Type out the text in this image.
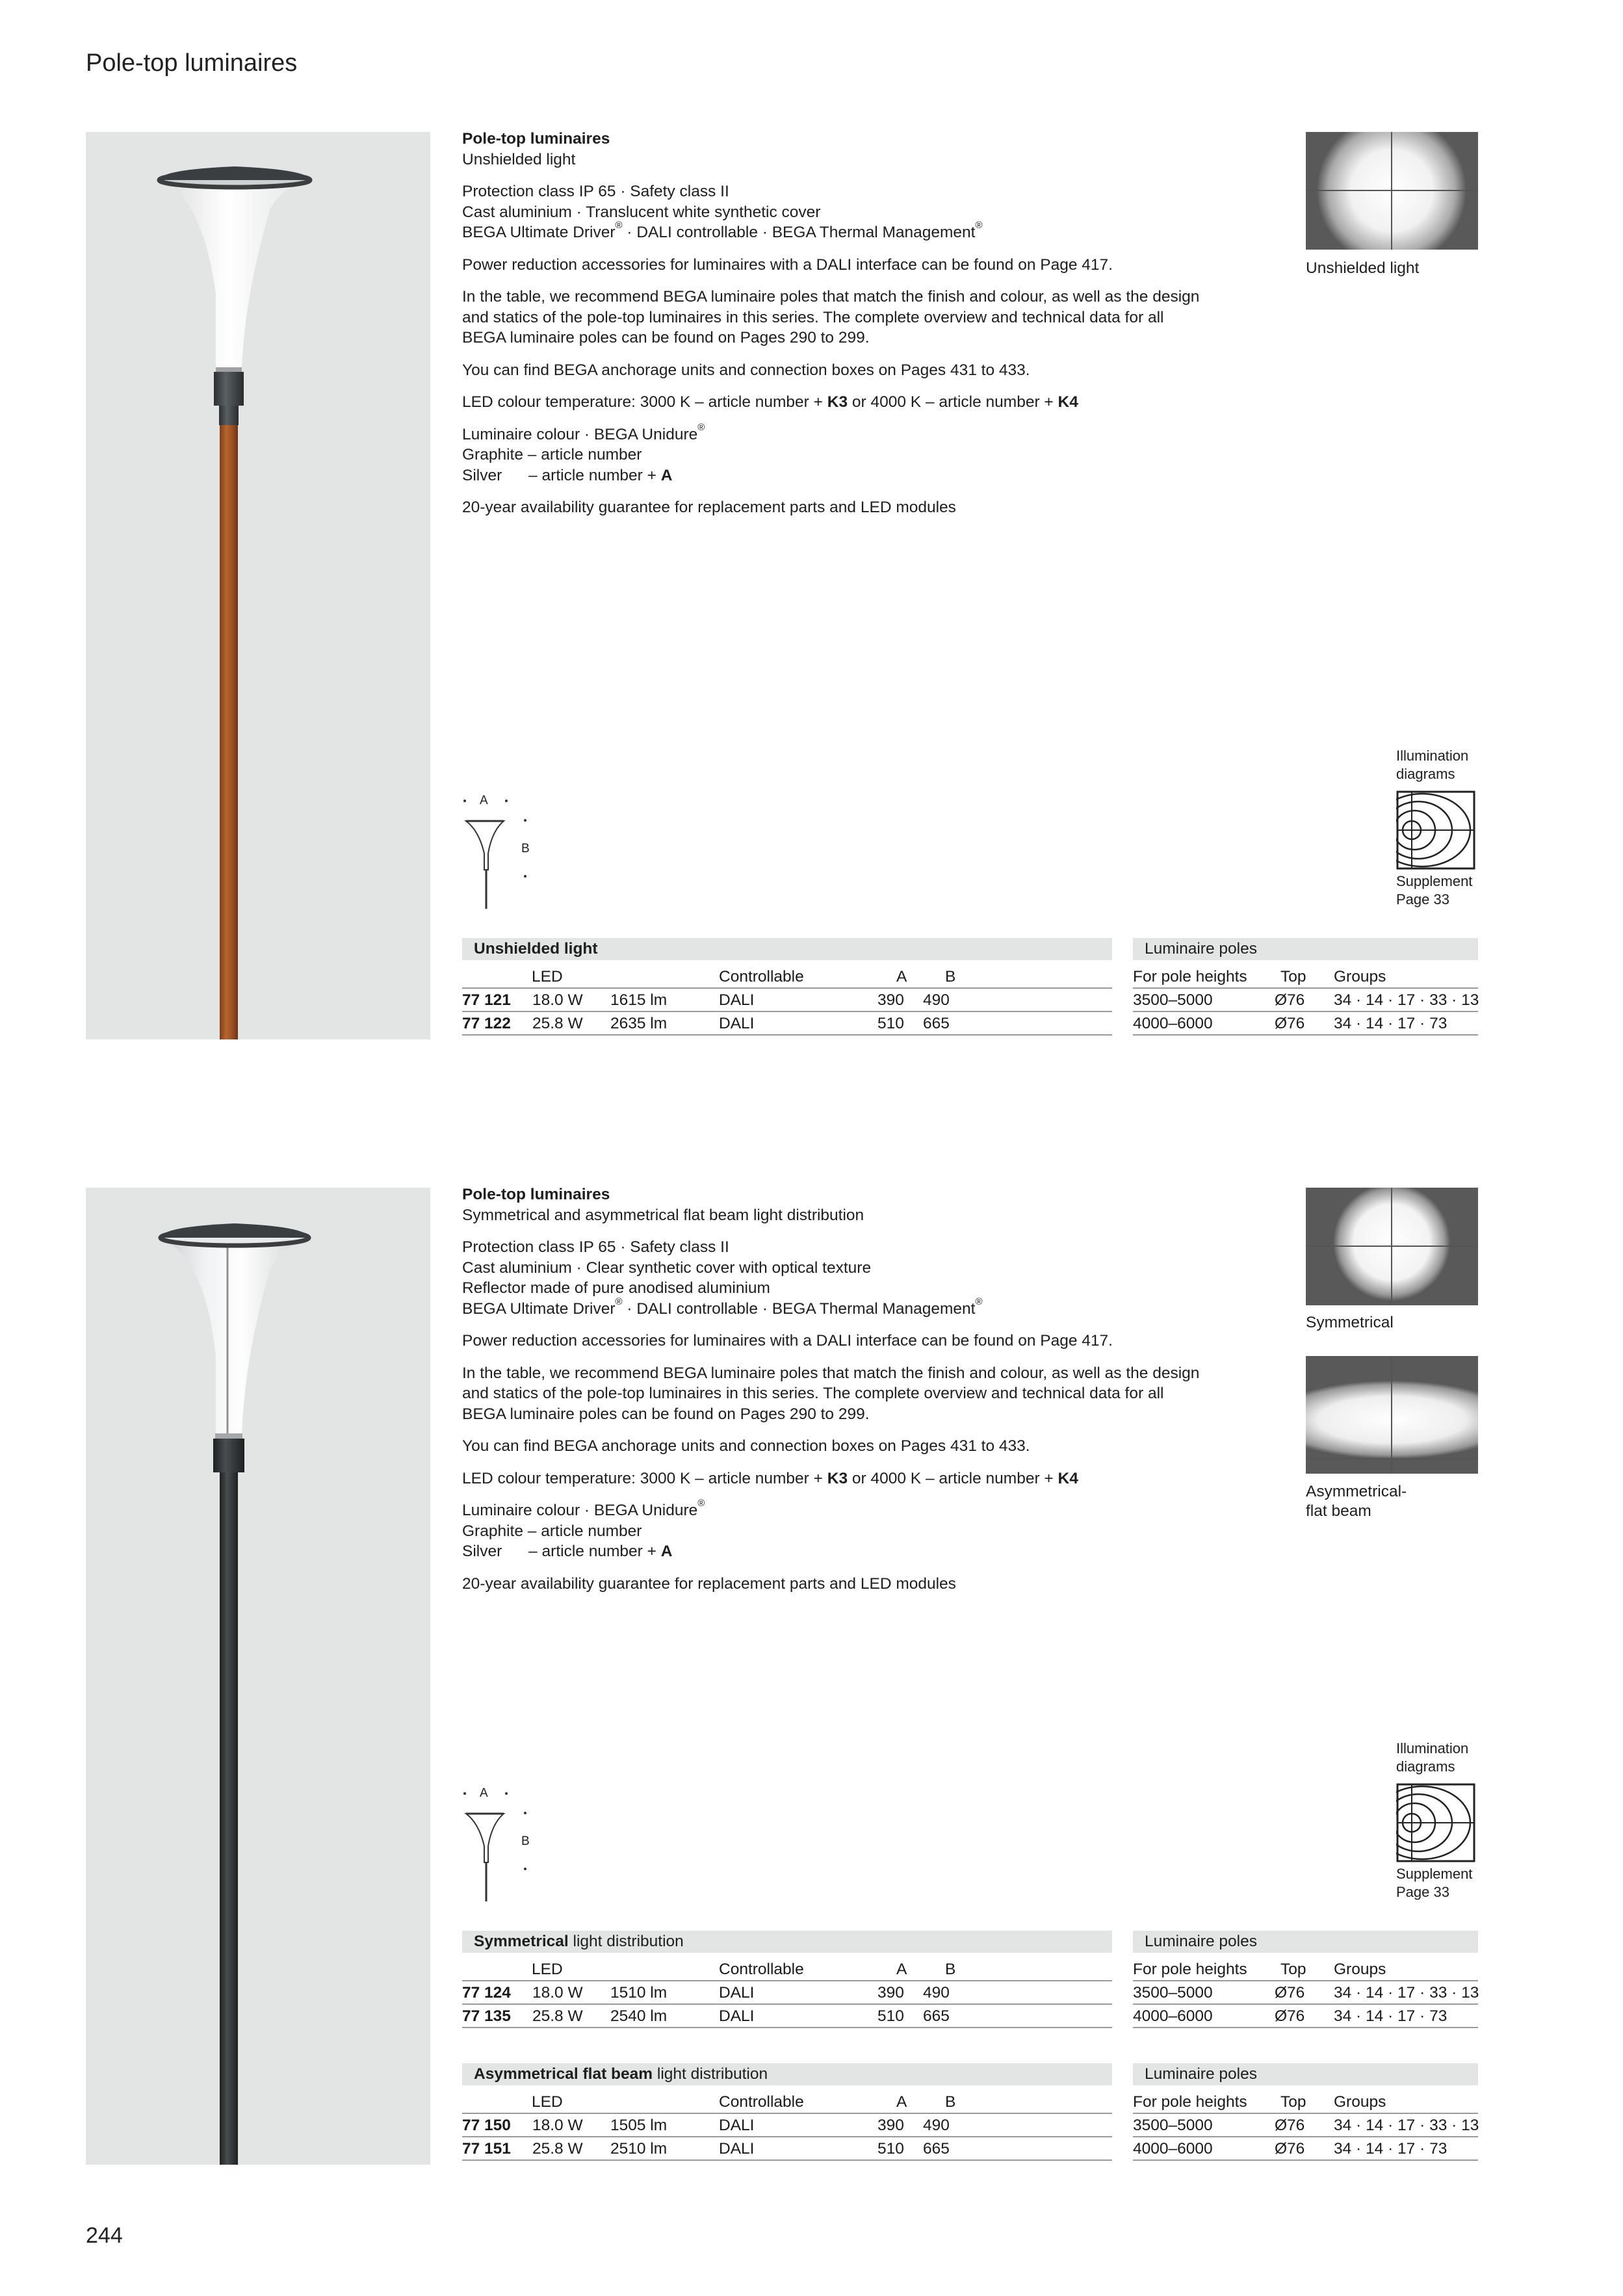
Pole-top luminaires

Pole-top luminaires
Unshielded light

Protection class IP 65 · Safety class II
Cast aluminium · Translucent white synthetic cover
BEGA Ultimate Driver® · DALI controllable · BEGA Thermal Management®

Power reduction accessories for luminaires with a DALI interface can be found on Page 417.

In the table, we recommend BEGA luminaire poles that match the finish and colour, as well as the design
and statics of the pole-top luminaires in this series. The complete overview and technical data for all
BEGA luminaire poles can be found on Pages 290 to 299.

You can find BEGA anchorage units and connection boxes on Pages 431 to 433.

LED colour temperature: 3000 K – article number + K3 or 4000 K – article number + K4

Luminaire colour · BEGA Unidure®
Graphite – article number
Silver      – article number + A

20-year availability guarantee for replacement parts and LED modules

Unshielded light
Illumination
diagrams
Supplement
Page 33
A
B
Unshielded light
LED	Controllable	A B
77 121 18.0 W 1615 lm	DALI	390 490
77 122 25.8 W 2635 lm	DALI	510 665
Luminaire poles
For pole heights Top Groups
3500–5000	Ø76 34 · 14 · 17 · 33 · 13
4000–6000	Ø76 34 · 14 · 17 · 73

Pole-top luminaires
Symmetrical and asymmetrical flat beam light distribution

Protection class IP 65 · Safety class II
Cast aluminium · Clear synthetic cover with optical texture
Reflector made of pure anodised aluminium
BEGA Ultimate Driver® · DALI controllable · BEGA Thermal Management®

Power reduction accessories for luminaires with a DALI interface can be found on Page 417.

In the table, we recommend BEGA luminaire poles that match the finish and colour, as well as the design
and statics of the pole-top luminaires in this series. The complete overview and technical data for all
BEGA luminaire poles can be found on Pages 290 to 299.

You can find BEGA anchorage units and connection boxes on Pages 431 to 433.

LED colour temperature: 3000 K – article number + K3 or 4000 K – article number + K4

Luminaire colour · BEGA Unidure®
Graphite – article number
Silver      – article number + A

20-year availability guarantee for replacement parts and LED modules

Symmetrical
Asymmetrical-
flat beam
Illumination
diagrams
Supplement
Page 33
A
B
Symmetrical light distribution
LED	Controllable	A B
77 124 18.0 W 1510 lm	DALI	390 490
77 135 25.8 W 2540 lm	DALI	510 665
Luminaire poles
For pole heights Top Groups
3500–5000	Ø76 34 · 14 · 17 · 33 · 13
4000–6000	Ø76 34 · 14 · 17 · 73
Asymmetrical flat beam light distribution
LED	Controllable	A B
77 150 18.0 W 1505 lm	DALI	390 490
77 151 25.8 W 2510 lm	DALI	510 665
Luminaire poles
For pole heights Top Groups
3500–5000	Ø76 34 · 14 · 17 · 33 · 13
4000–6000	Ø76 34 · 14 · 17 · 73
244
